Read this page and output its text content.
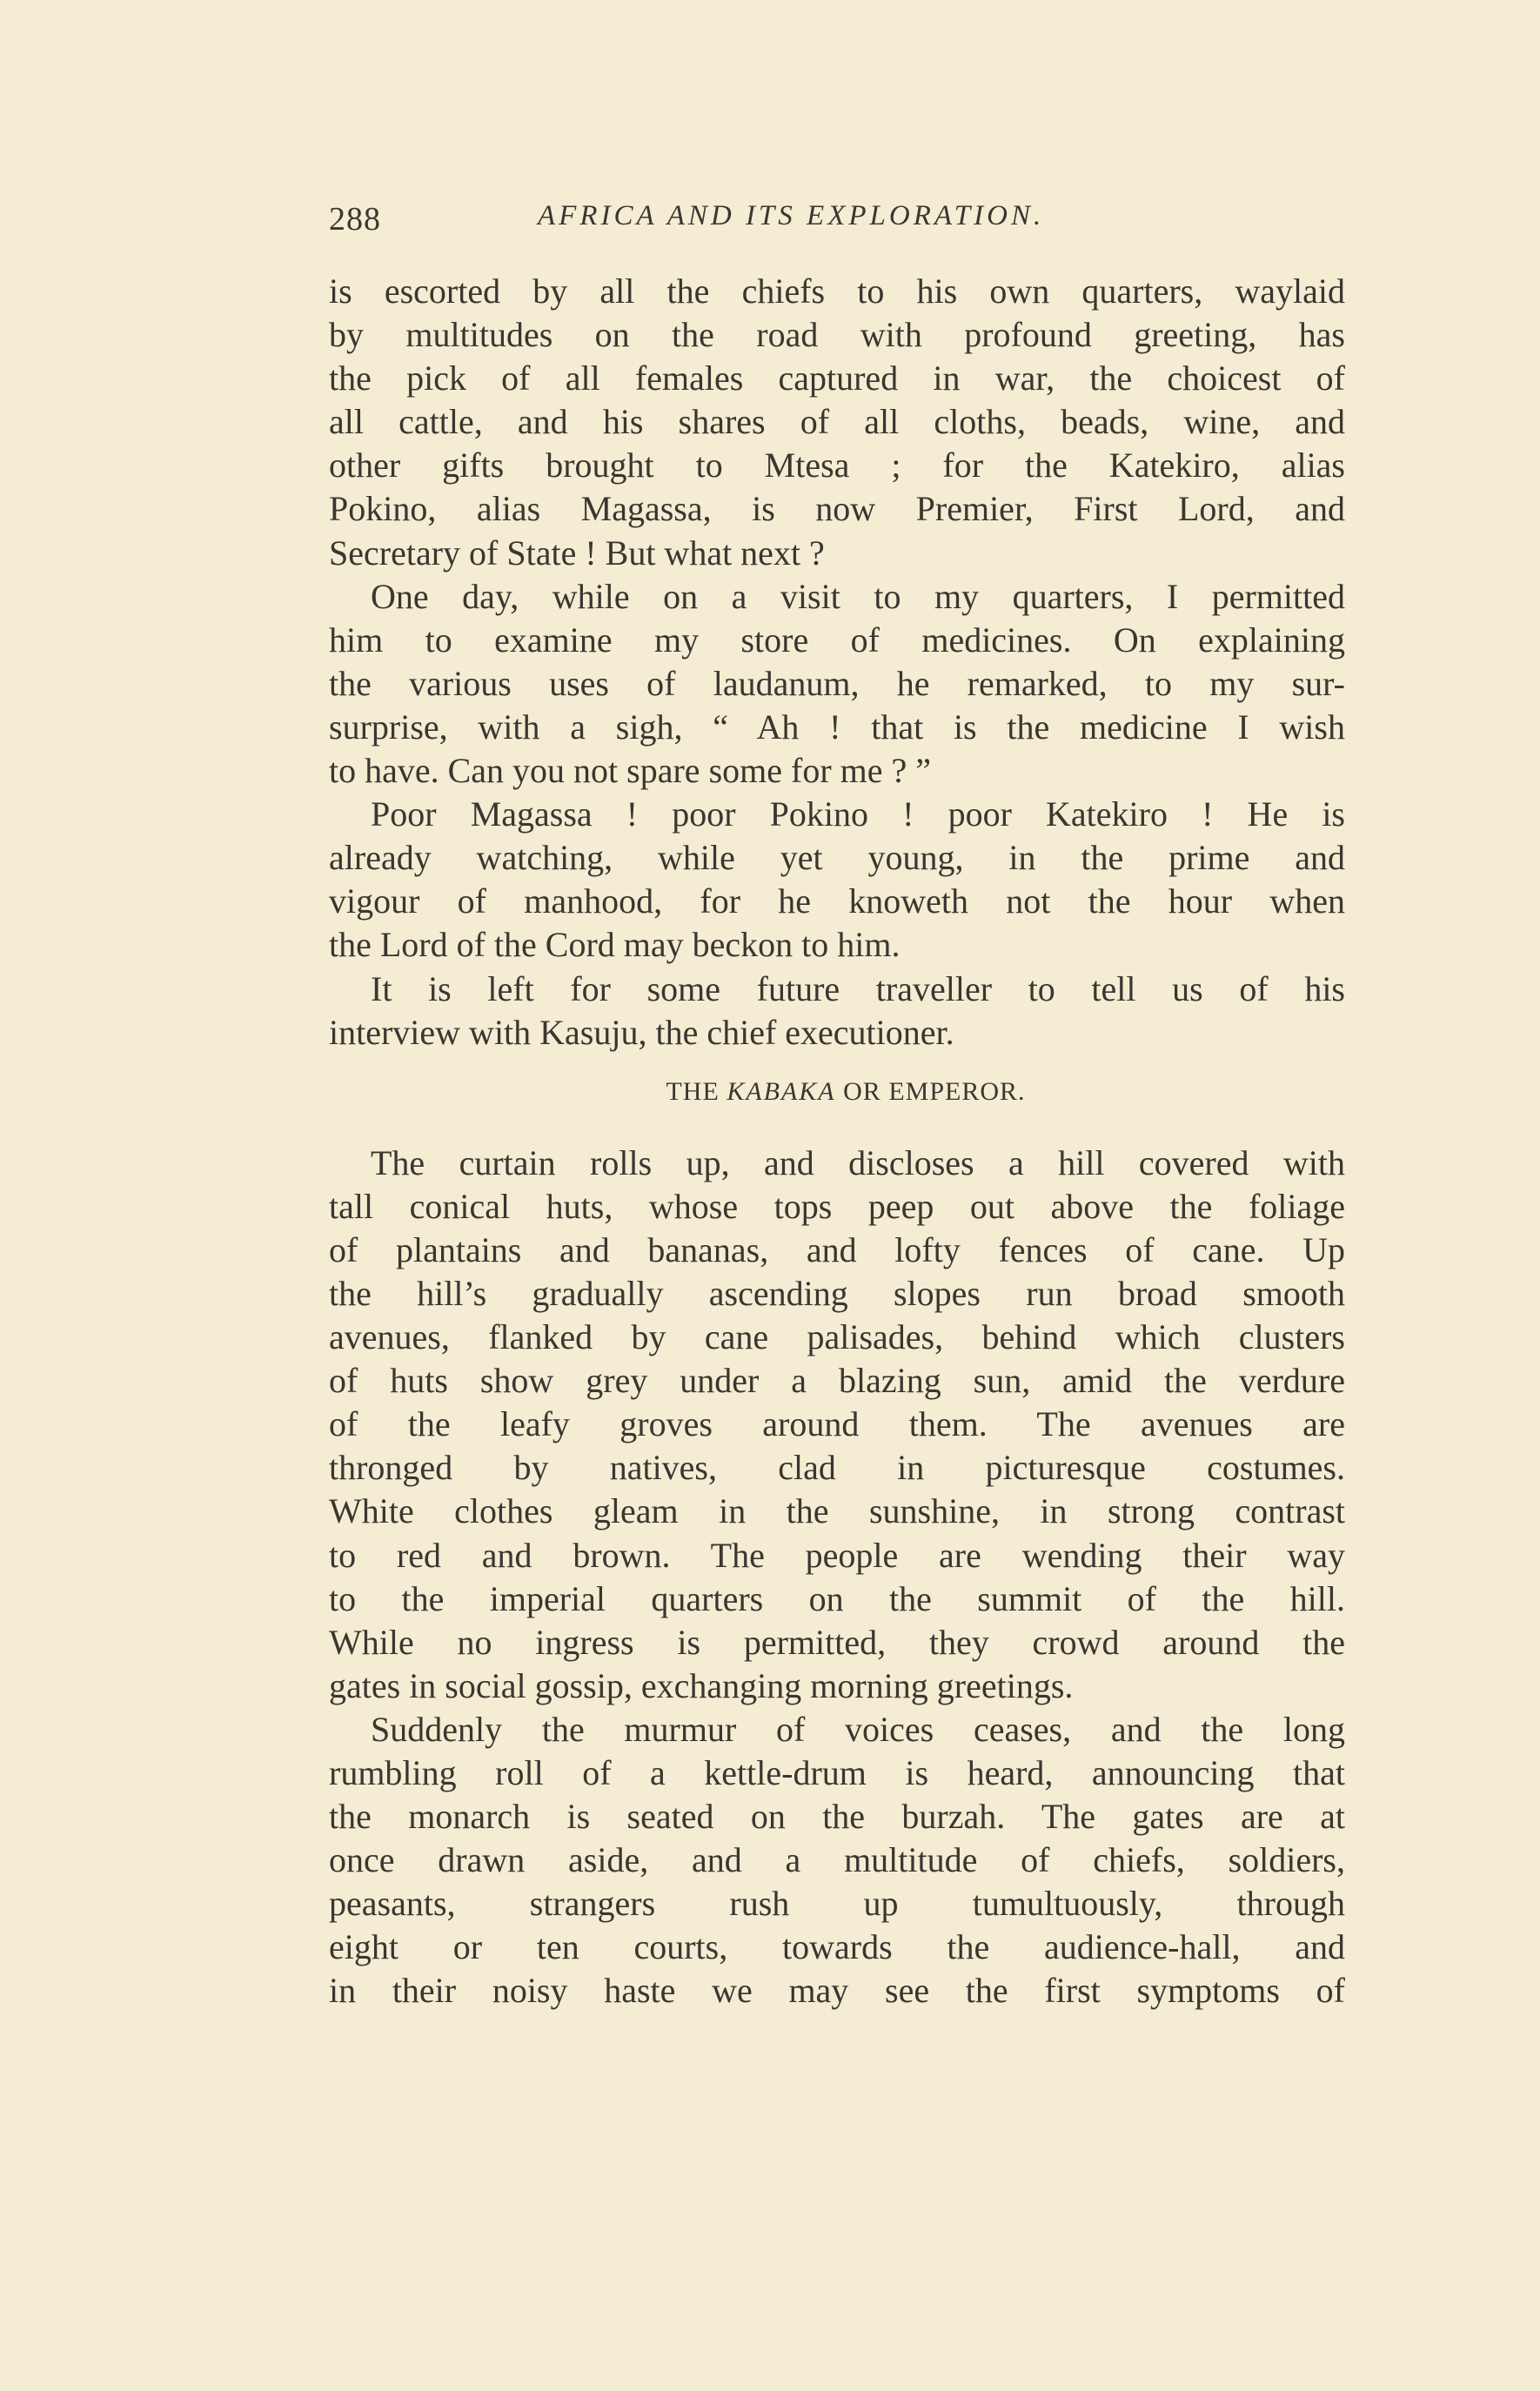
288	AFRICA AND ITS EXPLORATION.
is escorted by all the chiefs to his own quarters, waylaid
by multitudes on the road with profound greeting, has
the pick of all females captured in war, the choicest of
all cattle, and his shares of all cloths, beads, wine, and
other gifts brought to Mtesa ; for the Katekiro, alias
Pokino, alias Magassa, is now Premier, First Lord, and
Secretary of State ! But what next ?
One day, while on a visit to my quarters, I permitted
him to examine my store of medicines. On explaining
the various uses of laudanum, he remarked, to my sur-
surprise, with a sigh, “ Ah ! that is the medicine I wish
to have. Can you not spare some for me ? ”
Poor Magassa ! poor Pokino ! poor Katekiro ! He is
already watching, while yet young, in the prime and
vigour of manhood, for he knoweth not the hour when
the Lord of the Cord may beckon to him.
It is left for some future traveller to tell us of his
interview with Kasuju, the chief executioner.
THE KABAKA OR EMPEROR.
The curtain rolls up, and discloses a hill covered with
tall conical huts, whose tops peep out above the foliage
of plantains and bananas, and lofty fences of cane. Up
the hill’s gradually ascending slopes run broad smooth
avenues, flanked by cane palisades, behind which clusters
of huts show grey under a blazing sun, amid the verdure
of the leafy groves around them. The avenues are
thronged by natives, clad in picturesque costumes.
White clothes gleam in the sunshine, in strong contrast
to red and brown. The people are wending their way
to the imperial quarters on the summit of the hill.
While no ingress is permitted, they crowd around the
gates in social gossip, exchanging morning greetings.
Suddenly the murmur of voices ceases, and the long
rumbling roll of a kettle-drum is heard, announcing that
the monarch is seated on the burzah. The gates are at
once drawn aside, and a multitude of chiefs, soldiers,
peasants, strangers rush up tumultuously, through
eight or ten courts, towards the audience-hall, and
in their noisy haste we may see the first symptoms of
